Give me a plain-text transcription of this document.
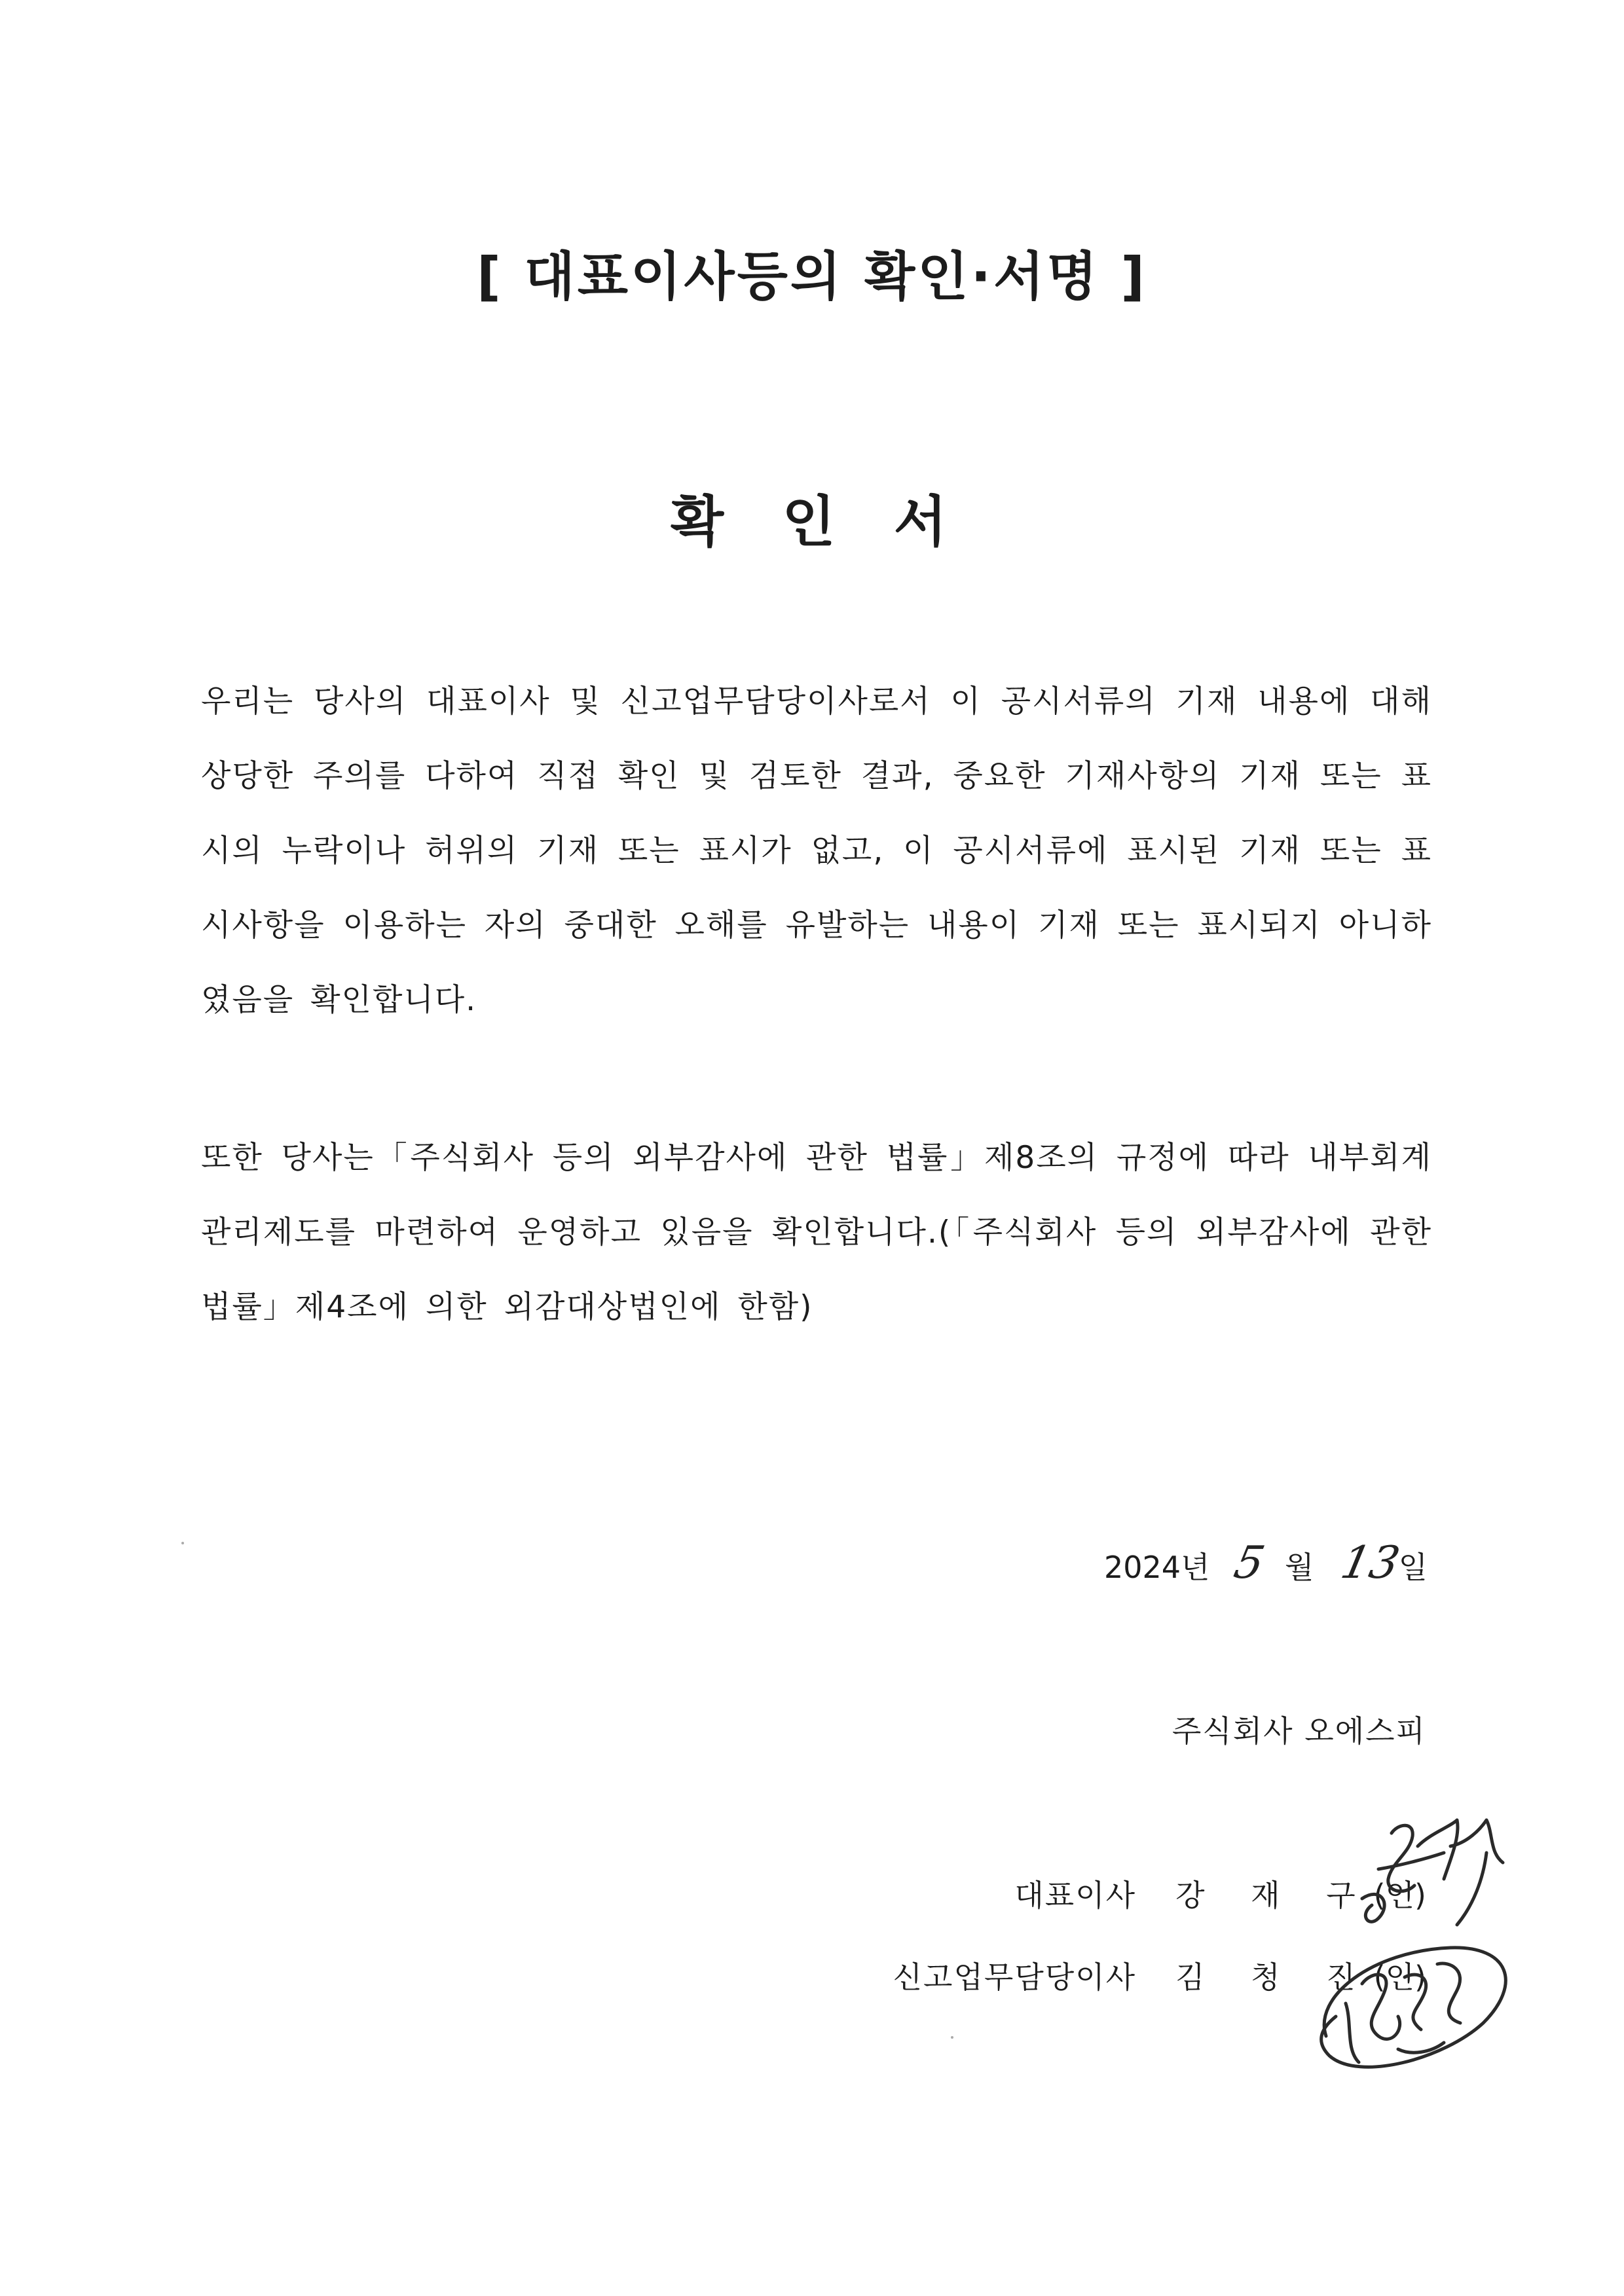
[ 대표이사등의 확인·서명 ]
확 인 서
우리는 당사의 대표이사 및 신고업무담당이사로서 이 공시서류의 기재 내용에 대해 상당한 주의를 다하여 직접 확인 및 검토한 결과, 중요한 기재사항의 기재 또는 표시의 누락이나 허위의 기재 또는 표시가 없고, 이 공시서류에 표시된 기재 또는 표시사항을 이용하는 자의 중대한 오해를 유발하는 내용이 기재 또는 표시되지 아니하였음을 확인합니다.
또한 당사는「주식회사 등의 외부감사에 관한 법률」제8조의 규정에 따라 내부회계관리제도를 마련하여 운영하고 있음을 확인합니다.(「주식회사 등의 외부감사에 관한 법률」제4조에 의한 외감대상법인에 한함)
2024년 5 월 13일
주식회사 오에스피
대표이사 강 재 구 (인)
신고업무담당이사 김 청 진 (인)
